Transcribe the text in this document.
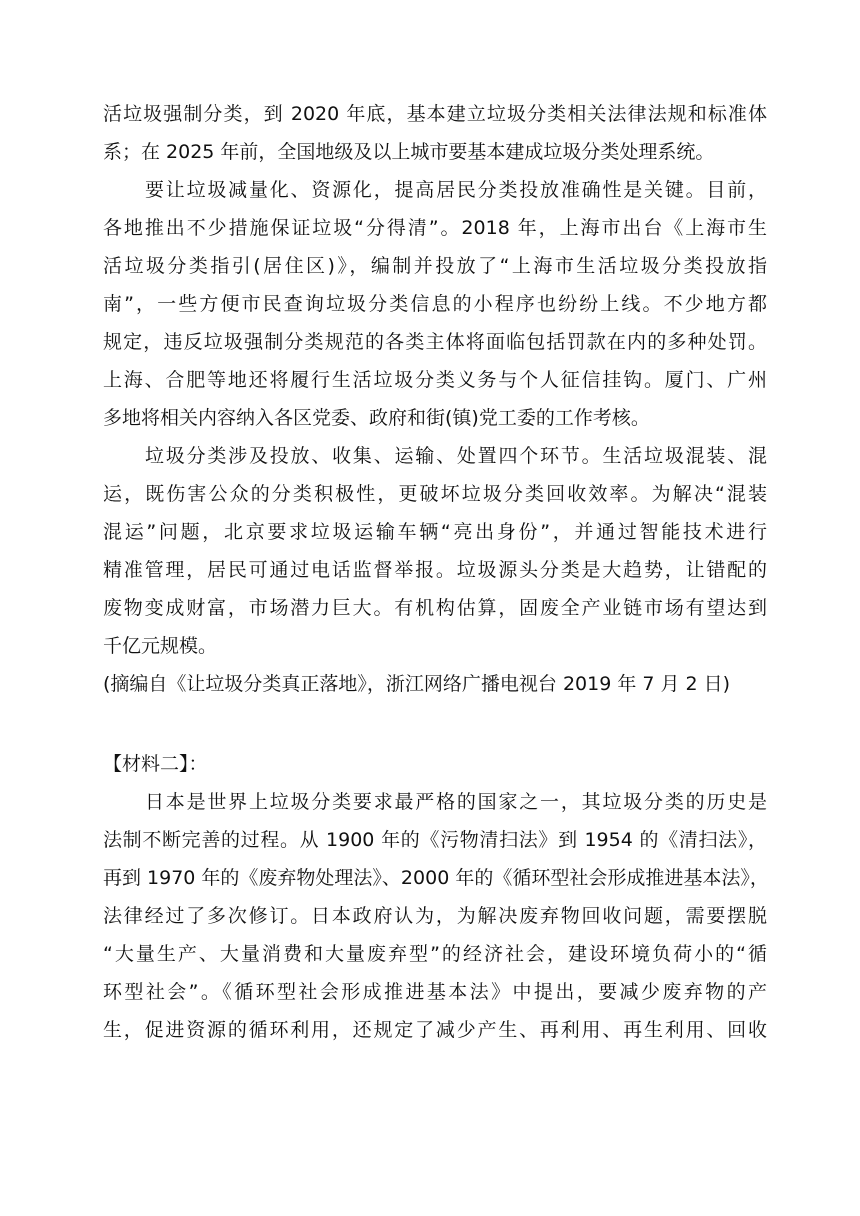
活垃圾强制分类，到 2020 年底，基本建立垃圾分类相关法律法规和标准体
系；在 2025 年前，全国地级及以上城市要基本建成垃圾分类处理系统。
要让垃圾减量化、资源化，提高居民分类投放准确性是关键。目前，
各地推出不少措施保证垃圾“分得清”。2018 年，上海市出台《上海市生
活垃圾分类指引(居住区)》，编制并投放了“上海市生活垃圾分类投放指
南”，一些方便市民查询垃圾分类信息的小程序也纷纷上线。不少地方都
规定，违反垃圾强制分类规范的各类主体将面临包括罚款在内的多种处罚。
上海、合肥等地还将履行生活垃圾分类义务与个人征信挂钩。厦门、广州
多地将相关内容纳入各区党委、政府和街(镇)党工委的工作考核。
垃圾分类涉及投放、收集、运输、处置四个环节。生活垃圾混装、混
运，既伤害公众的分类积极性，更破坏垃圾分类回收效率。为解决“混装
混运”问题，北京要求垃圾运输车辆“亮出身份”，并通过智能技术进行
精准管理，居民可通过电话监督举报。垃圾源头分类是大趋势，让错配的
废物变成财富，市场潜力巨大。有机构估算，固废全产业链市场有望达到
千亿元规模。
(摘编自《让垃圾分类真正落地》，浙江网络广播电视台 2019 年 7 月 2 日)
【材料二】：
日本是世界上垃圾分类要求最严格的国家之一，其垃圾分类的历史是
法制不断完善的过程。从 1900 年的《污物清扫法》到 1954 的《清扫法》，
再到 1970 年的《废弃物处理法》、2000 年的《循环型社会形成推进基本法》，
法律经过了多次修订。日本政府认为，为解决废弃物回收问题，需要摆脱
“大量生产、大量消费和大量废弃型”的经济社会，建设环境负荷小的“循
环型社会”。《循环型社会形成推进基本法》中提出，要减少废弃物的产
生，促进资源的循环利用，还规定了减少产生、再利用、再生利用、回收
